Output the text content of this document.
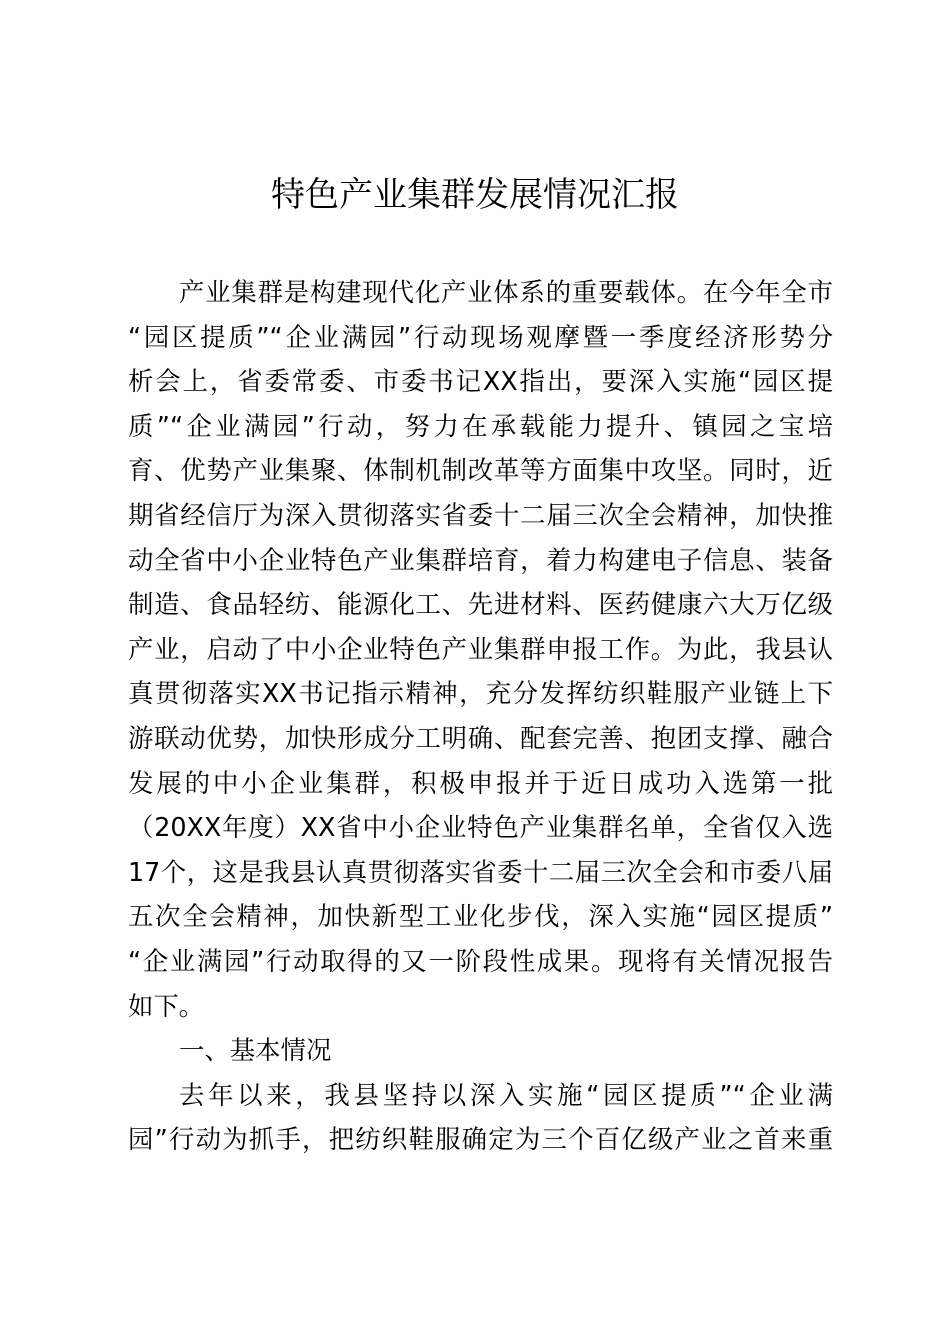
特色产业集群发展情况汇报
产业集群是构建现代化产业体系的重要载体。在今年全市
“园区提质”“企业满园”行动现场观摩暨一季度经济形势分
析会上，省委常委、市委书记XX指出，要深入实施“园区提
质”“企业满园”行动，努力在承载能力提升、镇园之宝培
育、优势产业集聚、体制机制改革等方面集中攻坚。同时，近
期省经信厅为深入贯彻落实省委十二届三次全会精神，加快推
动全省中小企业特色产业集群培育，着力构建电子信息、装备
制造、食品轻纺、能源化工、先进材料、医药健康六大万亿级
产业，启动了中小企业特色产业集群申报工作。为此，我县认
真贯彻落实XX书记指示精神，充分发挥纺织鞋服产业链上下
游联动优势，加快形成分工明确、配套完善、抱团支撑、融合
发展的中小企业集群，积极申报并于近日成功入选第一批
（20XX年度）XX省中小企业特色产业集群名单，全省仅入选
17个，这是我县认真贯彻落实省委十二届三次全会和市委八届
五次全会精神，加快新型工业化步伐，深入实施“园区提质”
“企业满园”行动取得的又一阶段性成果。现将有关情况报告
如下。
一、基本情况
去年以来，我县坚持以深入实施“园区提质”“企业满
园”行动为抓手，把纺织鞋服确定为三个百亿级产业之首来重
